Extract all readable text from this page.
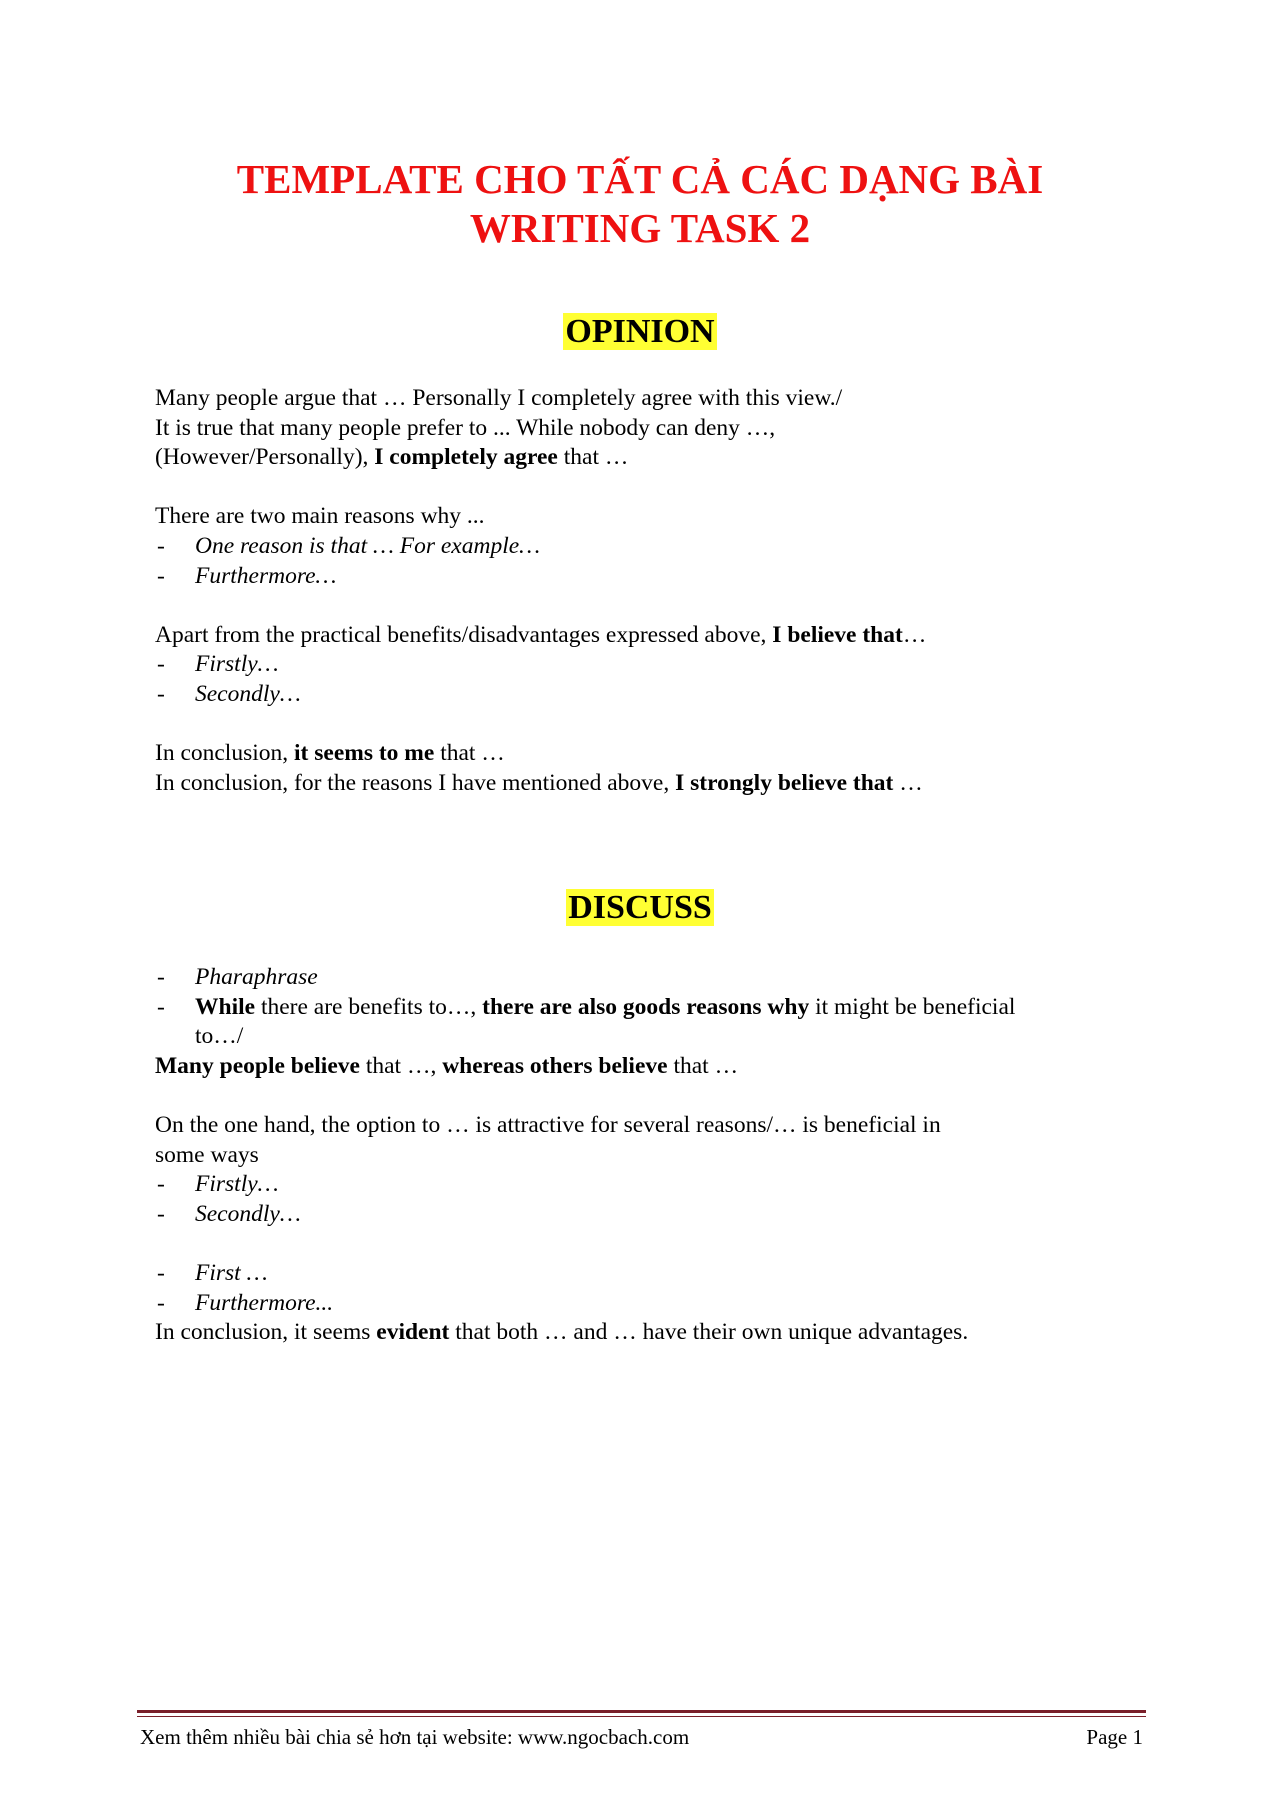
TEMPLATE CHO TẤT CẢ CÁC DẠNG BÀI
WRITING TASK 2
OPINION
Many people argue that … Personally I completely agree with this view./
It is true that many people prefer to ... While nobody can deny …,
(However/Personally), I completely agree that …
There are two main reasons why ...
- One reason is that … For example…
- Furthermore…
Apart from the practical benefits/disadvantages expressed above, I believe that…
- Firstly…
- Secondly…
In conclusion, it seems to me that …
In conclusion, for the reasons I have mentioned above, I strongly believe that …
DISCUSS
- Pharaphrase
- While there are benefits to…, there are also goods reasons why it might be beneficial
to…/
Many people believe that …, whereas others believe that …
On the one hand, the option to … is attractive for several reasons/… is beneficial in
some ways
- Firstly…
- Secondly…
- First …
- Furthermore...
In conclusion, it seems evident that both … and … have their own unique advantages.
Xem thêm nhiều bài chia sẻ hơn tại website: www.ngocbach.com	Page 1
